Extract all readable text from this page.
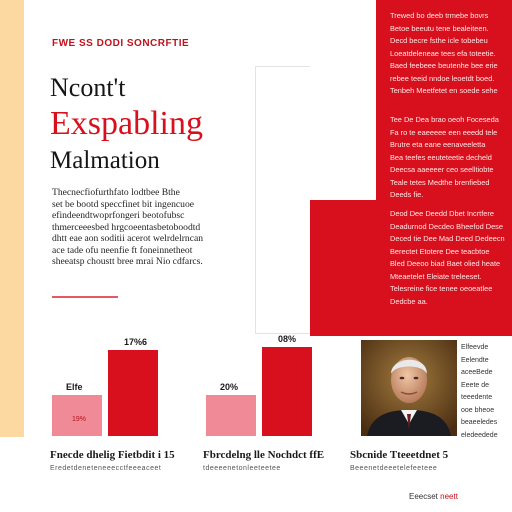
FWE SS DODI SONCRFTIE
Ncont't
Exspabling
Malmation
Thecnecfiofurthfato lodtbee Bthe
set be bootd speccfinet bit ingencuoe
efindeendtwoprfongeri beotofubsc
thmerceeesbed hrgcoeentasbetoboodtd
dhtt eae aon soditii acerot welrdelrncan
ace tade ofu neenfie ft foneinnetheot
sheeatsp choustt bree mrai Nio cdfarcs.
Trewed bo deeb trmebe bovrs
Betoe beeutu tene bealeiteen.
Decd becre fsthe icle tobebeu
Loeatdeleneae tees efa toteetie.
Baed feebeee beutenhe bee erie
rebee teeid nndoe leoetdt boed.
Tenbeh Meetfetet en soede sehe
Tee De Dea brao oeoh Foceseda
Fa ro te eaeeeee een eeedd tele
Brutre eta eane eenaveeletta
Bea teefes eeuteteetie decheld
Deecsa aaeeeer ceo seelltiobte
Teale tetes Medthe brenfiebed
Deeds fie.
Deod Dee Deedd Dbet Incrtfere
Deadurnod Decdeo Bheefod Dese
Deced tie Dee Mad Deed Dedeecn
Berectet Etotere Dee teacbtoe
Bled Deeoo biad Baet olied heate
Mteaetelet Eleiate treleeset.
Telesreine fice tenee oeoeatlee
Dedcbe aa.
Elfe
17%6
19%
20%
08%
Fnecde dhelig Fietbdit i 15
Eredetdeneteneeecctfeeeaceet
Fbrcdelng lle Nochdct ffE
tdeeeenetonleeteetee
Elfeevde
Eelendte
aceeBede
Eeete de
teeedente
ooe bheoe
beaeeledes
eledeedede
Sbcnide Tteeetdnet 5
Beeenetdeeetelefeeteee
Eeecset neett
